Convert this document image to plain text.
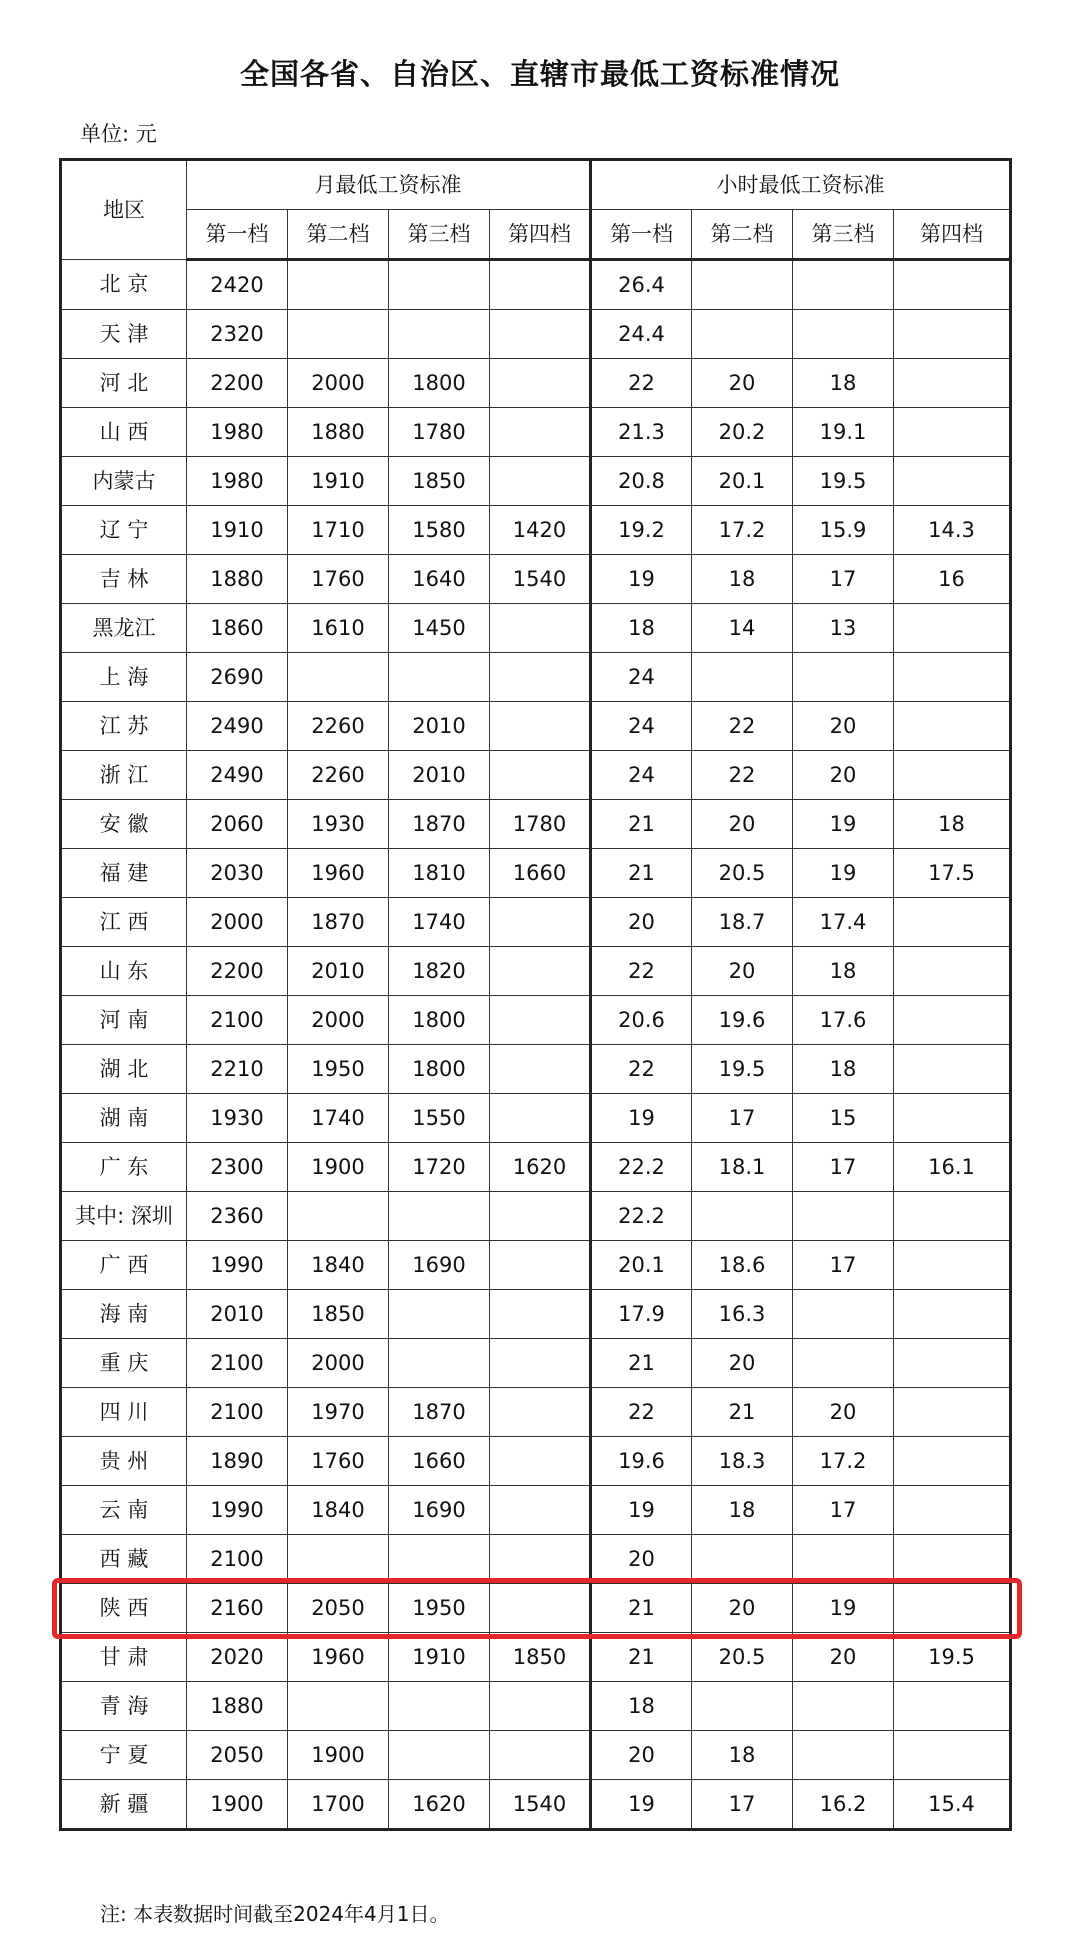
全国各省、自治区、直辖市最低工资标准情况
单位: 元
地区	月最低工资标准				小时最低工资标准			
	第一档	第二档	第三档	第四档	第一档	第二档	第三档	第四档
北 京	2420				26.4			
天 津	2320				24.4			
河 北	2200	2000	1800		22	20	18	
山 西	1980	1880	1780		21.3	20.2	19.1	
内蒙古	1980	1910	1850		20.8	20.1	19.5	
辽 宁	1910	1710	1580	1420	19.2	17.2	15.9	14.3
吉 林	1880	1760	1640	1540	19	18	17	16
黑龙江	1860	1610	1450		18	14	13	
上 海	2690				24			
江 苏	2490	2260	2010		24	22	20	
浙 江	2490	2260	2010		24	22	20	
安 徽	2060	1930	1870	1780	21	20	19	18
福 建	2030	1960	1810	1660	21	20.5	19	17.5
江 西	2000	1870	1740		20	18.7	17.4	
山 东	2200	2010	1820		22	20	18	
河 南	2100	2000	1800		20.6	19.6	17.6	
湖 北	2210	1950	1800		22	19.5	18	
湖 南	1930	1740	1550		19	17	15	
广 东	2300	1900	1720	1620	22.2	18.1	17	16.1
其中: 深圳	2360				22.2			
广 西	1990	1840	1690		20.1	18.6	17	
海 南	2010	1850			17.9	16.3		
重 庆	2100	2000			21	20		
四 川	2100	1970	1870		22	21	20	
贵 州	1890	1760	1660		19.6	18.3	17.2	
云 南	1990	1840	1690		19	18	17	
西 藏	2100				20			
陕 西	2160	2050	1950		21	20	19	
甘 肃	2020	1960	1910	1850	21	20.5	20	19.5
青 海	1880				18			
宁 夏	2050	1900			20	18		
新 疆	1900	1700	1620	1540	19	17	16.2	15.4
注: 本表数据时间截至2024年4月1日。
